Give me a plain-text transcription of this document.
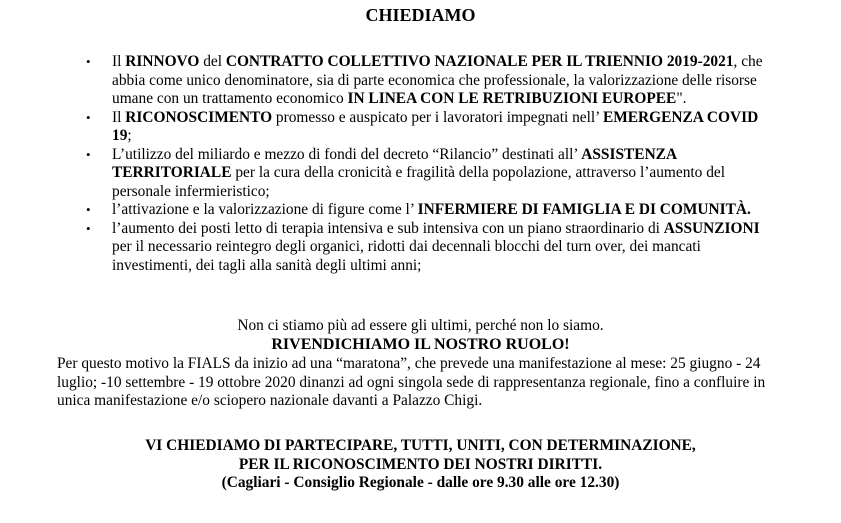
CHIEDIAMO
• Il RINNOVO del CONTRATTO COLLETTIVO NAZIONALE PER IL TRIENNIO 2019-2021, che abbia come unico denominatore, sia di parte economica che professionale, la valorizzazione delle risorse umane con un trattamento economico IN LINEA CON LE RETRIBUZIONI EUROPEE".
• Il RICONOSCIMENTO promesso e auspicato per i lavoratori impegnati nell’ EMERGENZA COVID 19;
• L’utilizzo del miliardo e mezzo di fondi del decreto “Rilancio” destinati all’ ASSISTENZA TERRITORIALE per la cura della cronicità e fragilità della popolazione, attraverso l’aumento del personale infermieristico;
• l’attivazione e la valorizzazione di figure come l’ INFERMIERE DI FAMIGLIA E DI COMUNITÀ.
• l’aumento dei posti letto di terapia intensiva e sub intensiva con un piano straordinario di ASSUNZIONI per il necessario reintegro degli organici, ridotti dai decennali blocchi del turn over, dei mancati investimenti, dei tagli alla sanità degli ultimi anni;
Non ci stiamo più ad essere gli ultimi, perché non lo siamo.
RIVENDICHIAMO IL NOSTRO RUOLO!
Per questo motivo la FIALS da inizio ad una “maratona”, che prevede una manifestazione al mese: 25 giugno - 24 luglio; -10 settembre - 19 ottobre 2020 dinanzi ad ogni singola sede di rappresentanza regionale, fino a confluire in unica manifestazione e/o sciopero nazionale davanti a Palazzo Chigi.
VI CHIEDIAMO DI PARTECIPARE, TUTTI, UNITI, CON DETERMINAZIONE,
PER IL RICONOSCIMENTO DEI NOSTRI DIRITTI.
(Cagliari - Consiglio Regionale - dalle ore 9.30 alle ore 12.30)
